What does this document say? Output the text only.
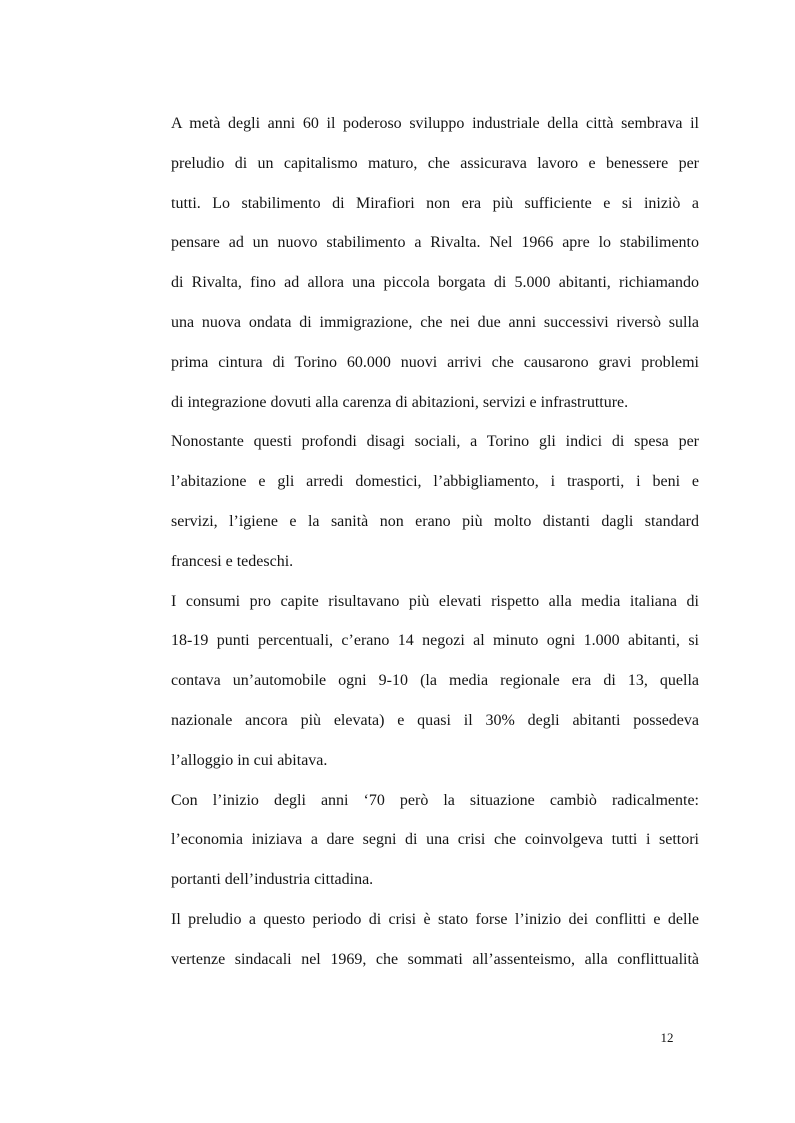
A metà degli anni 60 il poderoso sviluppo industriale della città sembrava il
preludio di un capitalismo maturo, che assicurava lavoro e benessere per
tutti. Lo stabilimento di Mirafiori non era più sufficiente e si iniziò a
pensare ad un nuovo stabilimento a Rivalta. Nel 1966 apre lo stabilimento
di Rivalta, fino ad allora una piccola borgata di 5.000 abitanti, richiamando
una nuova ondata di immigrazione, che nei due anni successivi riversò sulla
prima cintura di Torino 60.000 nuovi arrivi che causarono gravi problemi
di integrazione dovuti alla carenza di abitazioni, servizi e infrastrutture.

Nonostante questi profondi disagi sociali, a Torino gli indici di spesa per
l’abitazione e gli arredi domestici, l’abbigliamento, i trasporti, i beni e
servizi, l’igiene e la sanità non erano più molto distanti dagli standard
francesi e tedeschi.

I consumi pro capite risultavano più elevati rispetto alla media italiana di
18-19 punti percentuali, c’erano 14 negozi al minuto ogni 1.000 abitanti, si
contava un’automobile ogni 9-10 (la media regionale era di 13, quella
nazionale ancora più elevata) e quasi il 30% degli abitanti possedeva
l’alloggio in cui abitava.

Con l’inizio degli anni ‘70 però la situazione cambiò radicalmente:
l’economia iniziava a dare segni di una crisi che coinvolgeva tutti i settori
portanti dell’industria cittadina.

Il preludio a questo periodo di crisi è stato forse l’inizio dei conflitti e delle
vertenze sindacali nel 1969, che sommati all’assenteismo, alla conflittualità

12
